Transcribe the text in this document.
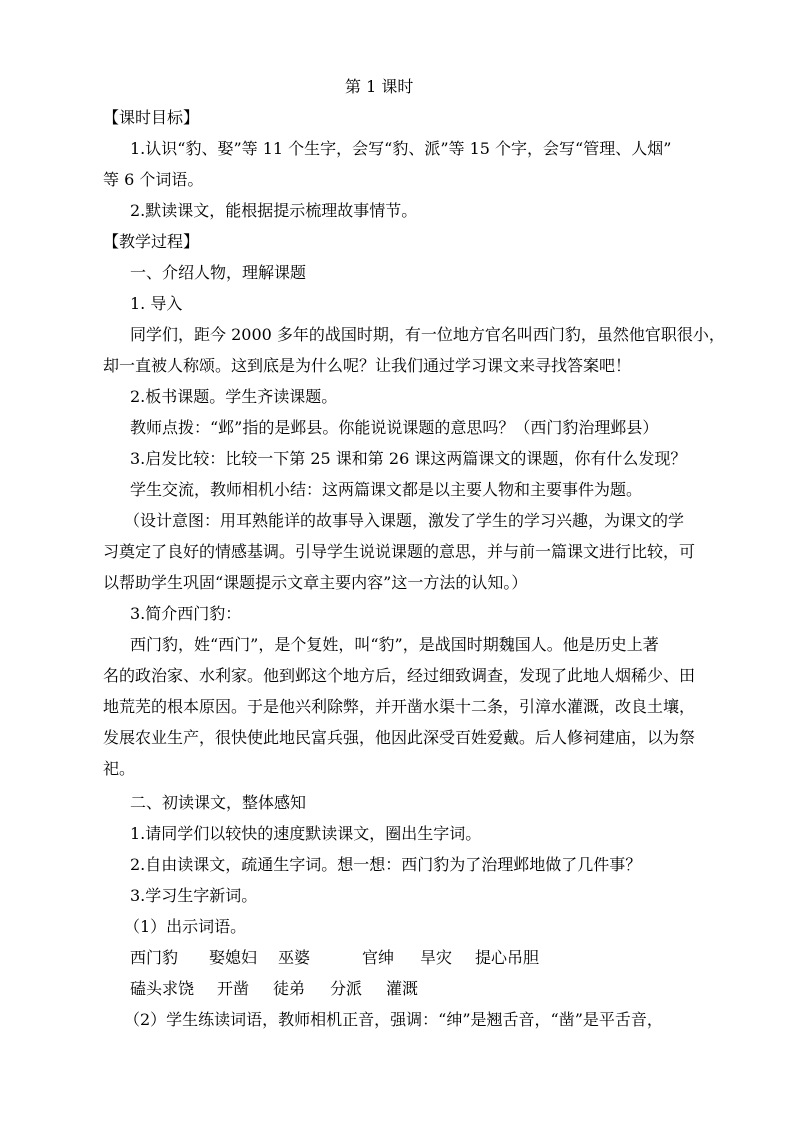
第 1 课时
【课时目标】
1.认识“豹、娶”等 11 个生字，会写“豹、派”等 15 个字，会写“管理、人烟”
等 6 个词语。
2.默读课文，能根据提示梳理故事情节。
【教学过程】
一、介绍人物，理解课题
1. 导入
同学们，距今 2000 多年的战国时期，有一位地方官名叫西门豹，虽然他官职很小，
却一直被人称颂。这到底是为什么呢？让我们通过学习课文来寻找答案吧！
2.板书课题。学生齐读课题。
教师点拨：“邺”指的是邺县。你能说说课题的意思吗？（西门豹治理邺县）
3.启发比较：比较一下第 25 课和第 26 课这两篇课文的课题，你有什么发现？
学生交流，教师相机小结：这两篇课文都是以主要人物和主要事件为题。
（设计意图：用耳熟能详的故事导入课题，激发了学生的学习兴趣，为课文的学
习奠定了良好的情感基调。引导学生说说课题的意思，并与前一篇课文进行比较，可
以帮助学生巩固“课题提示文章主要内容”这一方法的认知。）
3.简介西门豹：
西门豹，姓“西门”，是个复姓，叫“豹”，是战国时期魏国人。他是历史上著
名的政治家、水利家。他到邺这个地方后，经过细致调查，发现了此地人烟稀少、田
地荒芜的根本原因。于是他兴利除弊，并开凿水渠十二条，引漳水灌溉，改良土壤，
发展农业生产，很快使此地民富兵强，他因此深受百姓爱戴。后人修祠建庙，以为祭
祀。
二、初读课文，整体感知
1.请同学们以较快的速度默读课文，圈出生字词。
2.自由读课文，疏通生字词。想一想：西门豹为了治理邺地做了几件事？
3.学习生字新词。
（1）出示词语。
西门豹 娶媳妇 巫婆	官绅 旱灾 提心吊胆
磕头求饶 开凿 徒弟 分派 灌溉
（2）学生练读词语，教师相机正音，强调：“绅”是翘舌音，“凿”是平舌音，
